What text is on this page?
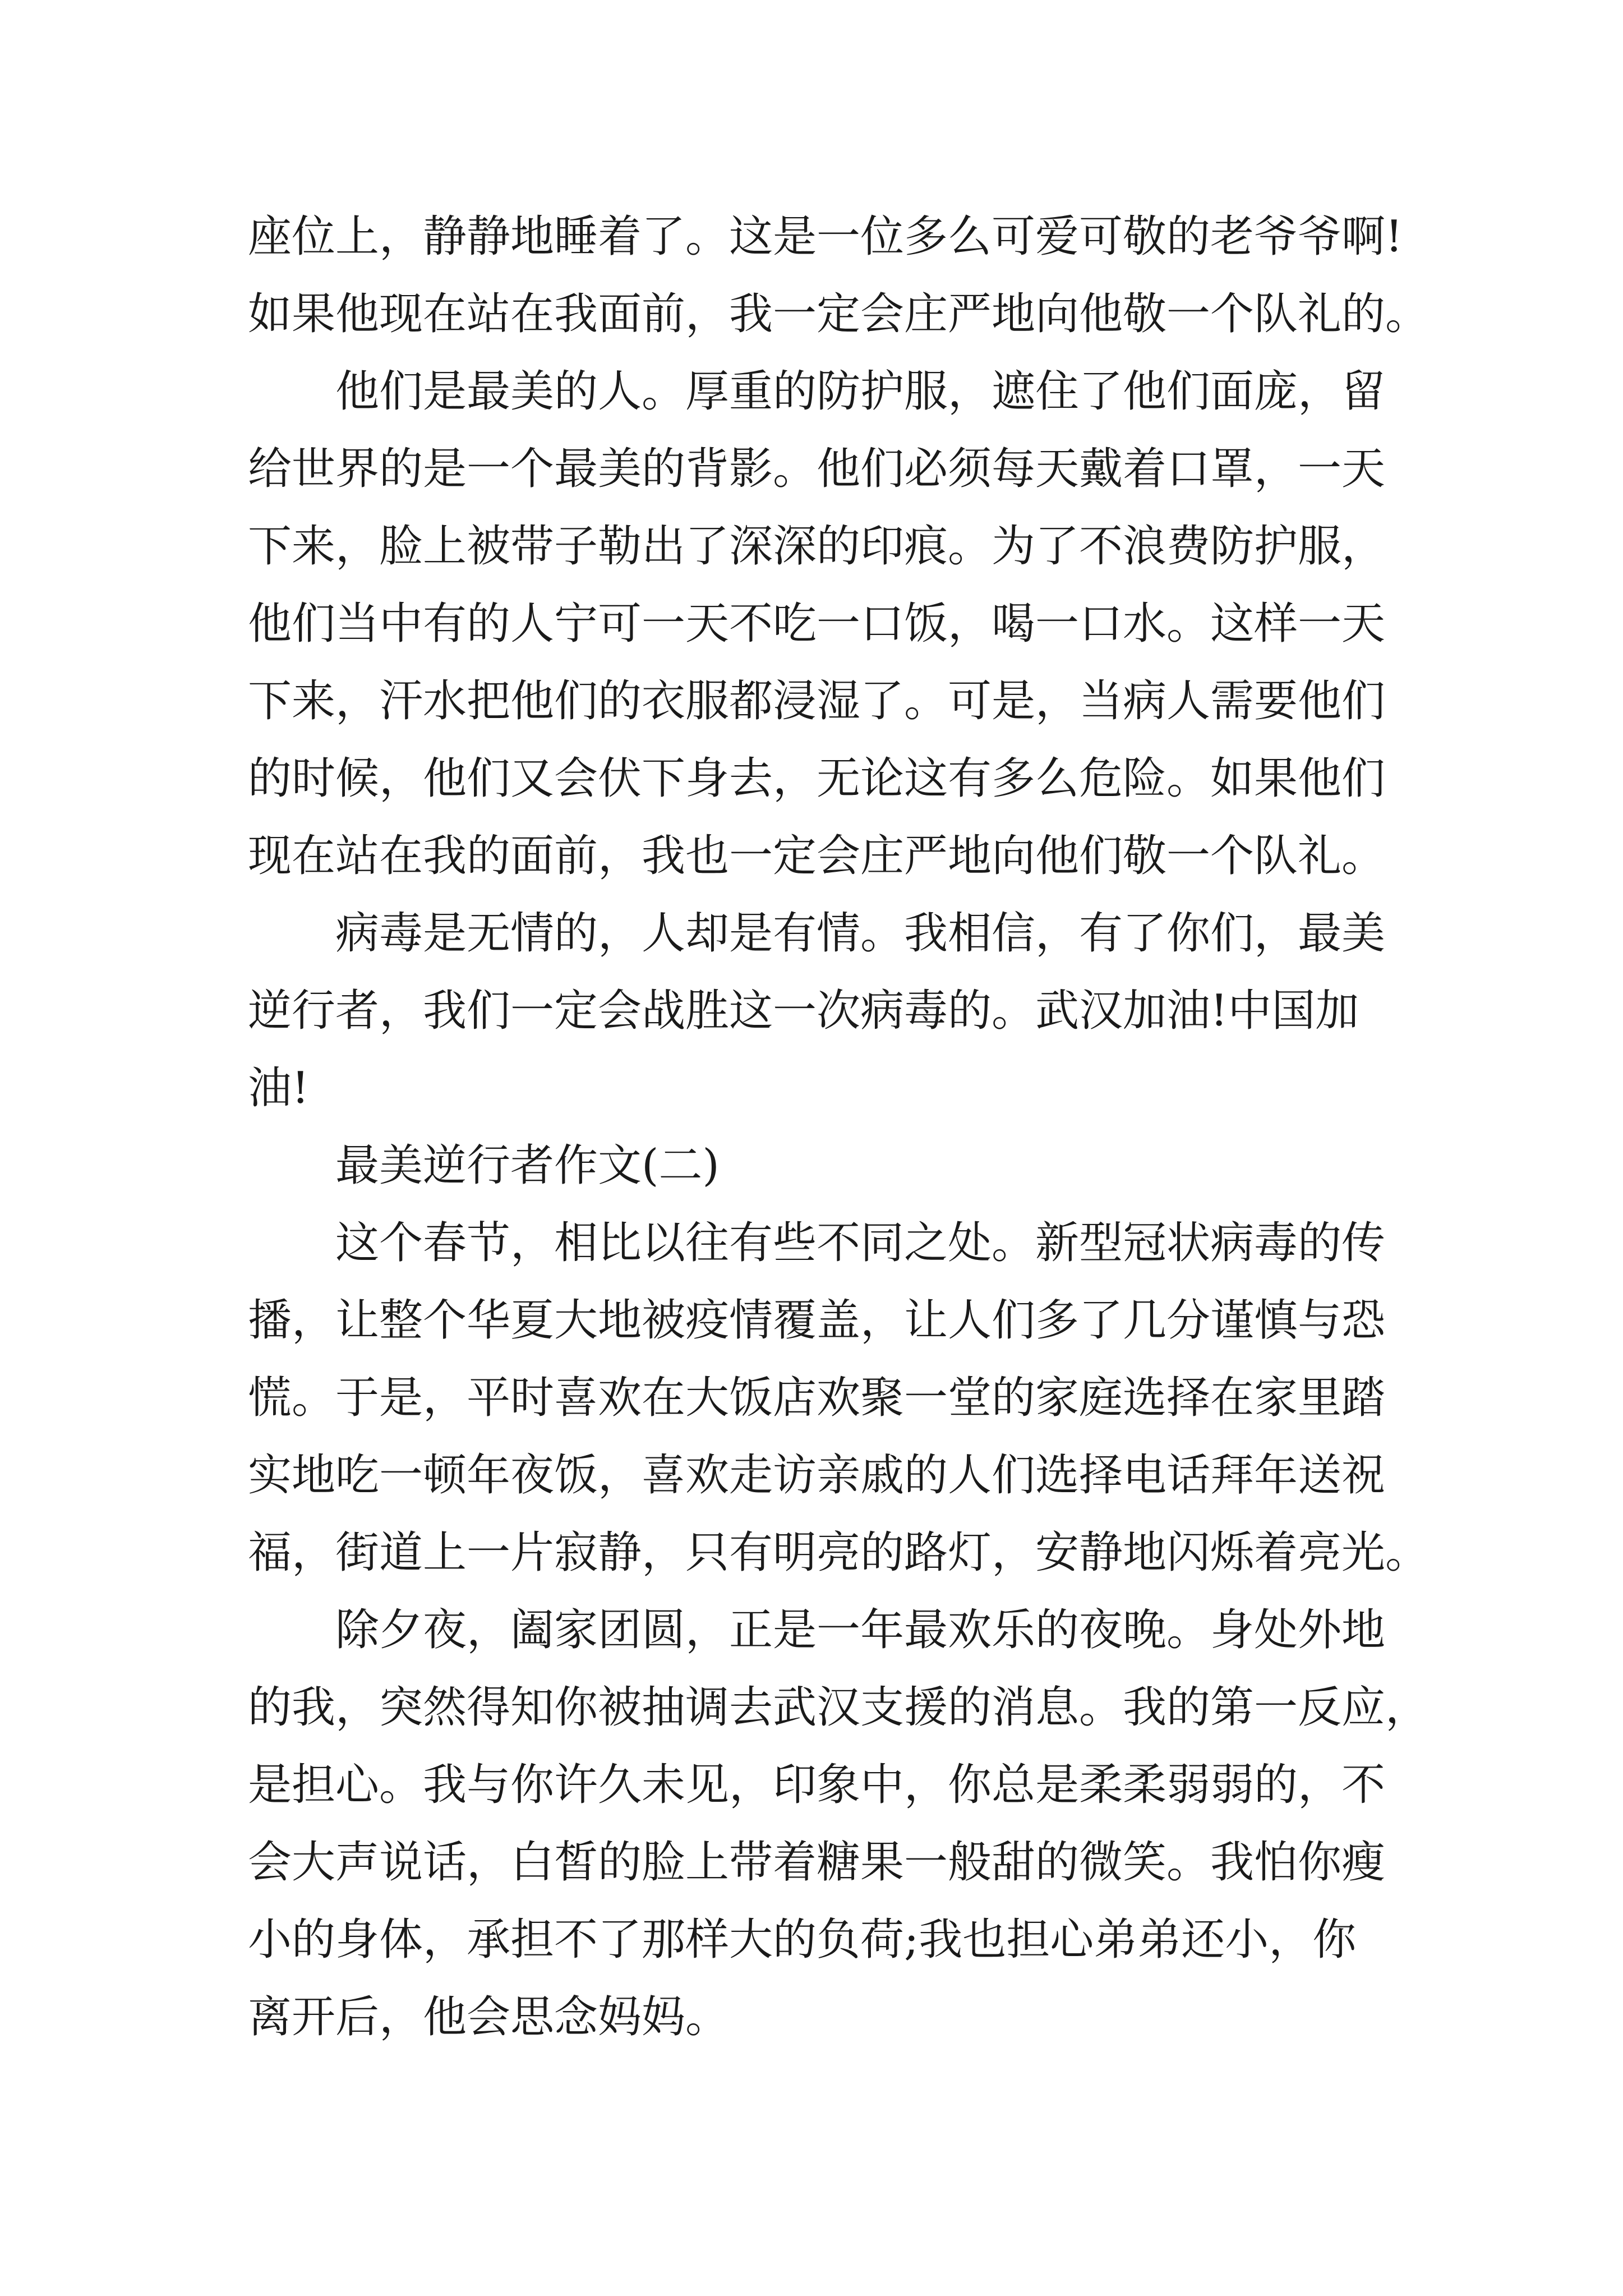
座位上，静静地睡着了。这是一位多么可爱可敬的老爷爷啊!
如果他现在站在我面前，我一定会庄严地向他敬一个队礼的。
他们是最美的人。厚重的防护服，遮住了他们面庞，留
给世界的是一个最美的背影。他们必须每天戴着口罩，一天
下来，脸上被带子勒出了深深的印痕。为了不浪费防护服，
他们当中有的人宁可一天不吃一口饭，喝一口水。这样一天
下来，汗水把他们的衣服都浸湿了。可是，当病人需要他们
的时候，他们又会伏下身去，无论这有多么危险。如果他们
现在站在我的面前，我也一定会庄严地向他们敬一个队礼。
病毒是无情的，人却是有情。我相信，有了你们，最美
逆行者，我们一定会战胜这一次病毒的。武汉加油!中国加
油!
最美逆行者作文(二)
这个春节，相比以往有些不同之处。新型冠状病毒的传
播，让整个华夏大地被疫情覆盖，让人们多了几分谨慎与恐
慌。于是，平时喜欢在大饭店欢聚一堂的家庭选择在家里踏
实地吃一顿年夜饭，喜欢走访亲戚的人们选择电话拜年送祝
福，街道上一片寂静，只有明亮的路灯，安静地闪烁着亮光。
除夕夜，阖家团圆，正是一年最欢乐的夜晚。身处外地
的我，突然得知你被抽调去武汉支援的消息。我的第一反应，
是担心。我与你许久未见，印象中，你总是柔柔弱弱的，不
会大声说话，白皙的脸上带着糖果一般甜的微笑。我怕你瘦
小的身体，承担不了那样大的负荷;我也担心弟弟还小，你
离开后，他会思念妈妈。
